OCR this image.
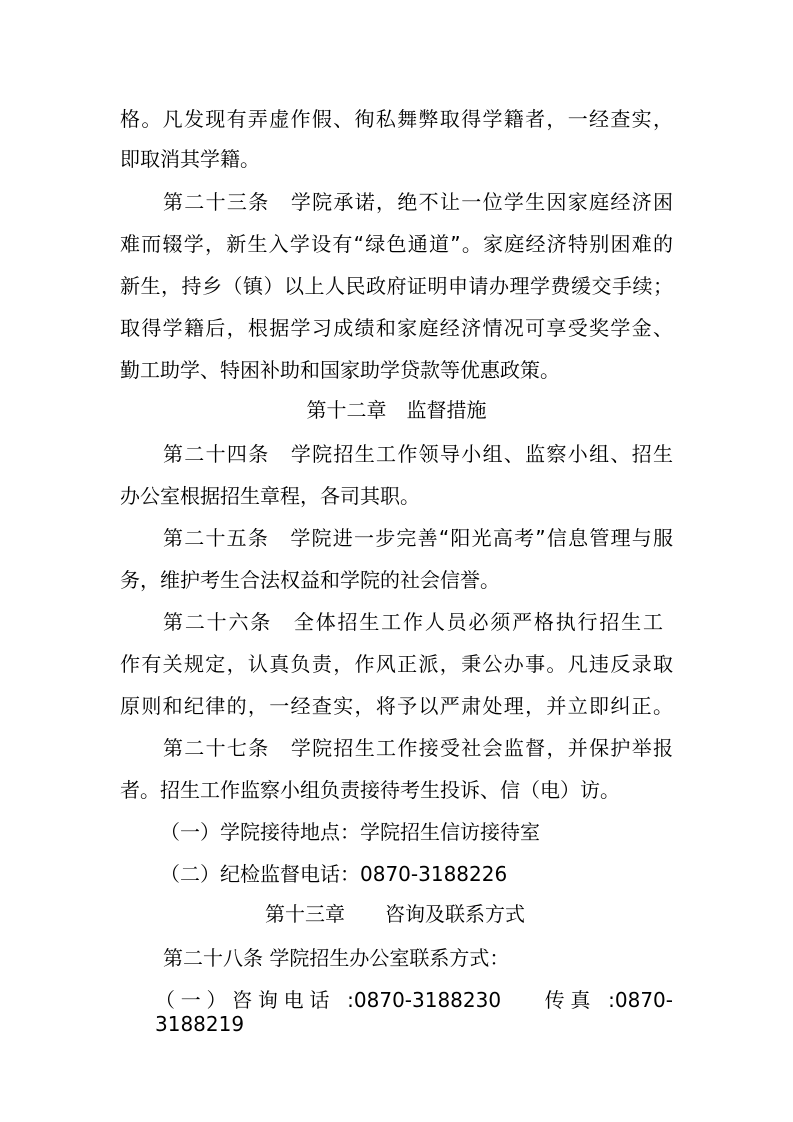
格。凡发现有弄虚作假、徇私舞弊取得学籍者，一经查实，
即取消其学籍。
第二十三条　学院承诺，绝不让一位学生因家庭经济困
难而辍学，新生入学设有“绿色通道”。家庭经济特别困难的
新生，持乡（镇）以上人民政府证明申请办理学费缓交手续；
取得学籍后，根据学习成绩和家庭经济情况可享受奖学金、
勤工助学、特困补助和国家助学贷款等优惠政策。
第十二章　监督措施
第二十四条　学院招生工作领导小组、监察小组、招生
办公室根据招生章程，各司其职。
第二十五条　学院进一步完善“阳光高考”信息管理与服
务，维护考生合法权益和学院的社会信誉。
第二十六条　全体招生工作人员必须严格执行招生工
作有关规定，认真负责，作风正派，秉公办事。凡违反录取
原则和纪律的，一经查实，将予以严肃处理，并立即纠正。
第二十七条　学院招生工作接受社会监督，并保护举报
者。招生工作监察小组负责接待考生投诉、信（电）访。
（一）学院接待地点：学院招生信访接待室
（二）纪检监督电话：0870-3188226
第十三章　　咨询及联系方式
第二十八条 学院招生办公室联系方式：
（一）咨询电话 :0870-3188230　 传真 :0870-3188219
